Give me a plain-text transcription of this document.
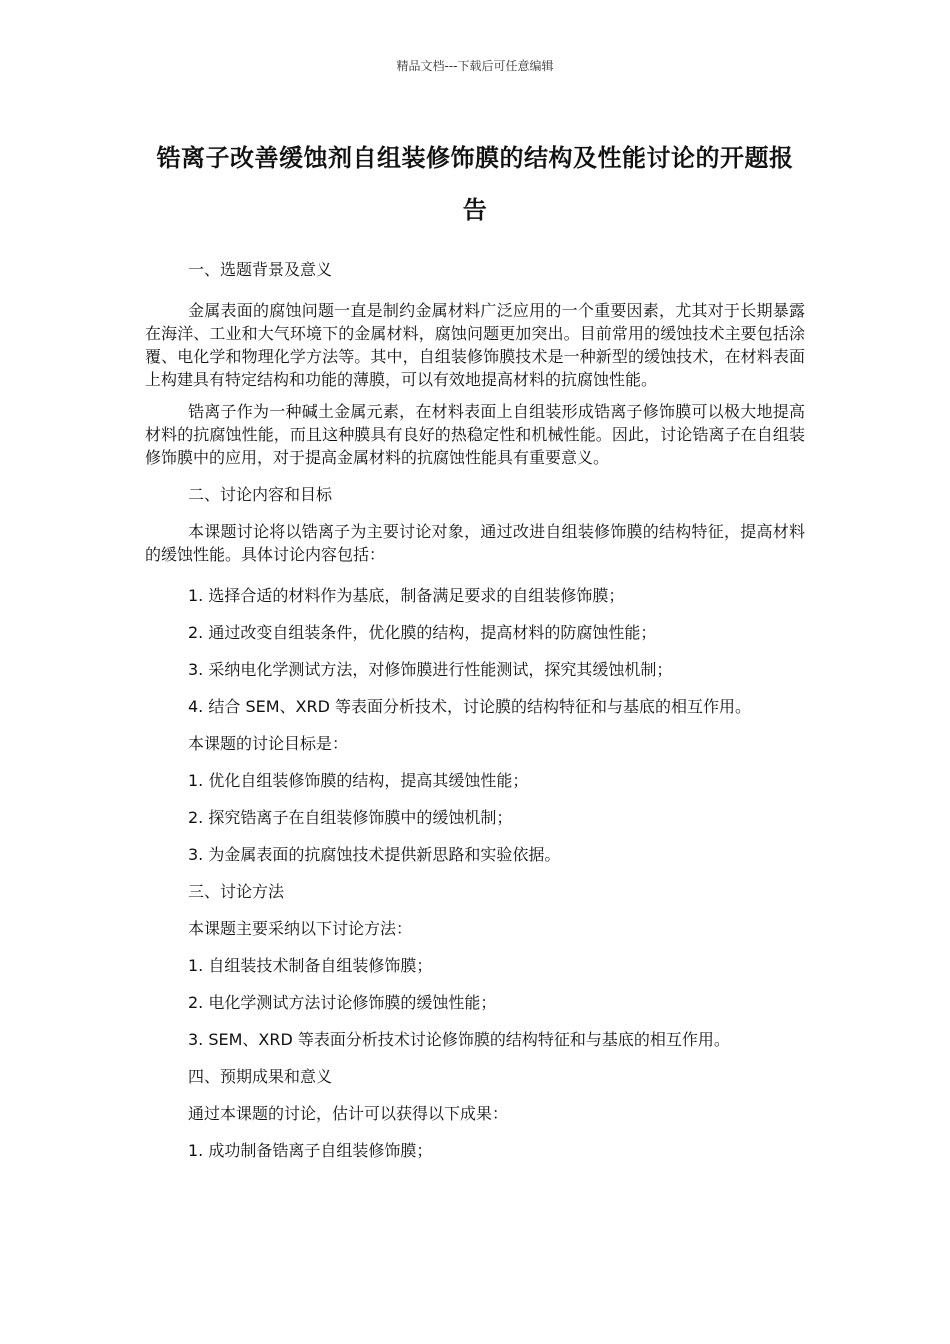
精品文档---下载后可任意编辑
锆离子改善缓蚀剂自组装修饰膜的结构及性能讨论的开题报告

一、选题背景及意义

金属表面的腐蚀问题一直是制约金属材料广泛应用的一个重要因素，尤其对于长期暴露在海洋、工业和大气环境下的金属材料，腐蚀问题更加突出。目前常用的缓蚀技术主要包括涂覆、电化学和物理化学方法等。其中，自组装修饰膜技术是一种新型的缓蚀技术，在材料表面上构建具有特定结构和功能的薄膜，可以有效地提高材料的抗腐蚀性能。

锆离子作为一种碱土金属元素，在材料表面上自组装形成锆离子修饰膜可以极大地提高材料的抗腐蚀性能，而且这种膜具有良好的热稳定性和机械性能。因此，讨论锆离子在自组装修饰膜中的应用，对于提高金属材料的抗腐蚀性能具有重要意义。

二、讨论内容和目标

本课题讨论将以锆离子为主要讨论对象，通过改进自组装修饰膜的结构特征，提高材料的缓蚀性能。具体讨论内容包括：

1. 选择合适的材料作为基底，制备满足要求的自组装修饰膜；

2. 通过改变自组装条件，优化膜的结构，提高材料的防腐蚀性能；

3. 采纳电化学测试方法，对修饰膜进行性能测试，探究其缓蚀机制；

4. 结合 SEM、XRD 等表面分析技术，讨论膜的结构特征和与基底的相互作用。

本课题的讨论目标是：

1. 优化自组装修饰膜的结构，提高其缓蚀性能；

2. 探究锆离子在自组装修饰膜中的缓蚀机制；

3. 为金属表面的抗腐蚀技术提供新思路和实验依据。

三、讨论方法

本课题主要采纳以下讨论方法：

1. 自组装技术制备自组装修饰膜；

2. 电化学测试方法讨论修饰膜的缓蚀性能；

3. SEM、XRD 等表面分析技术讨论修饰膜的结构特征和与基底的相互作用。

四、预期成果和意义

通过本课题的讨论，估计可以获得以下成果：

1. 成功制备锆离子自组装修饰膜；
